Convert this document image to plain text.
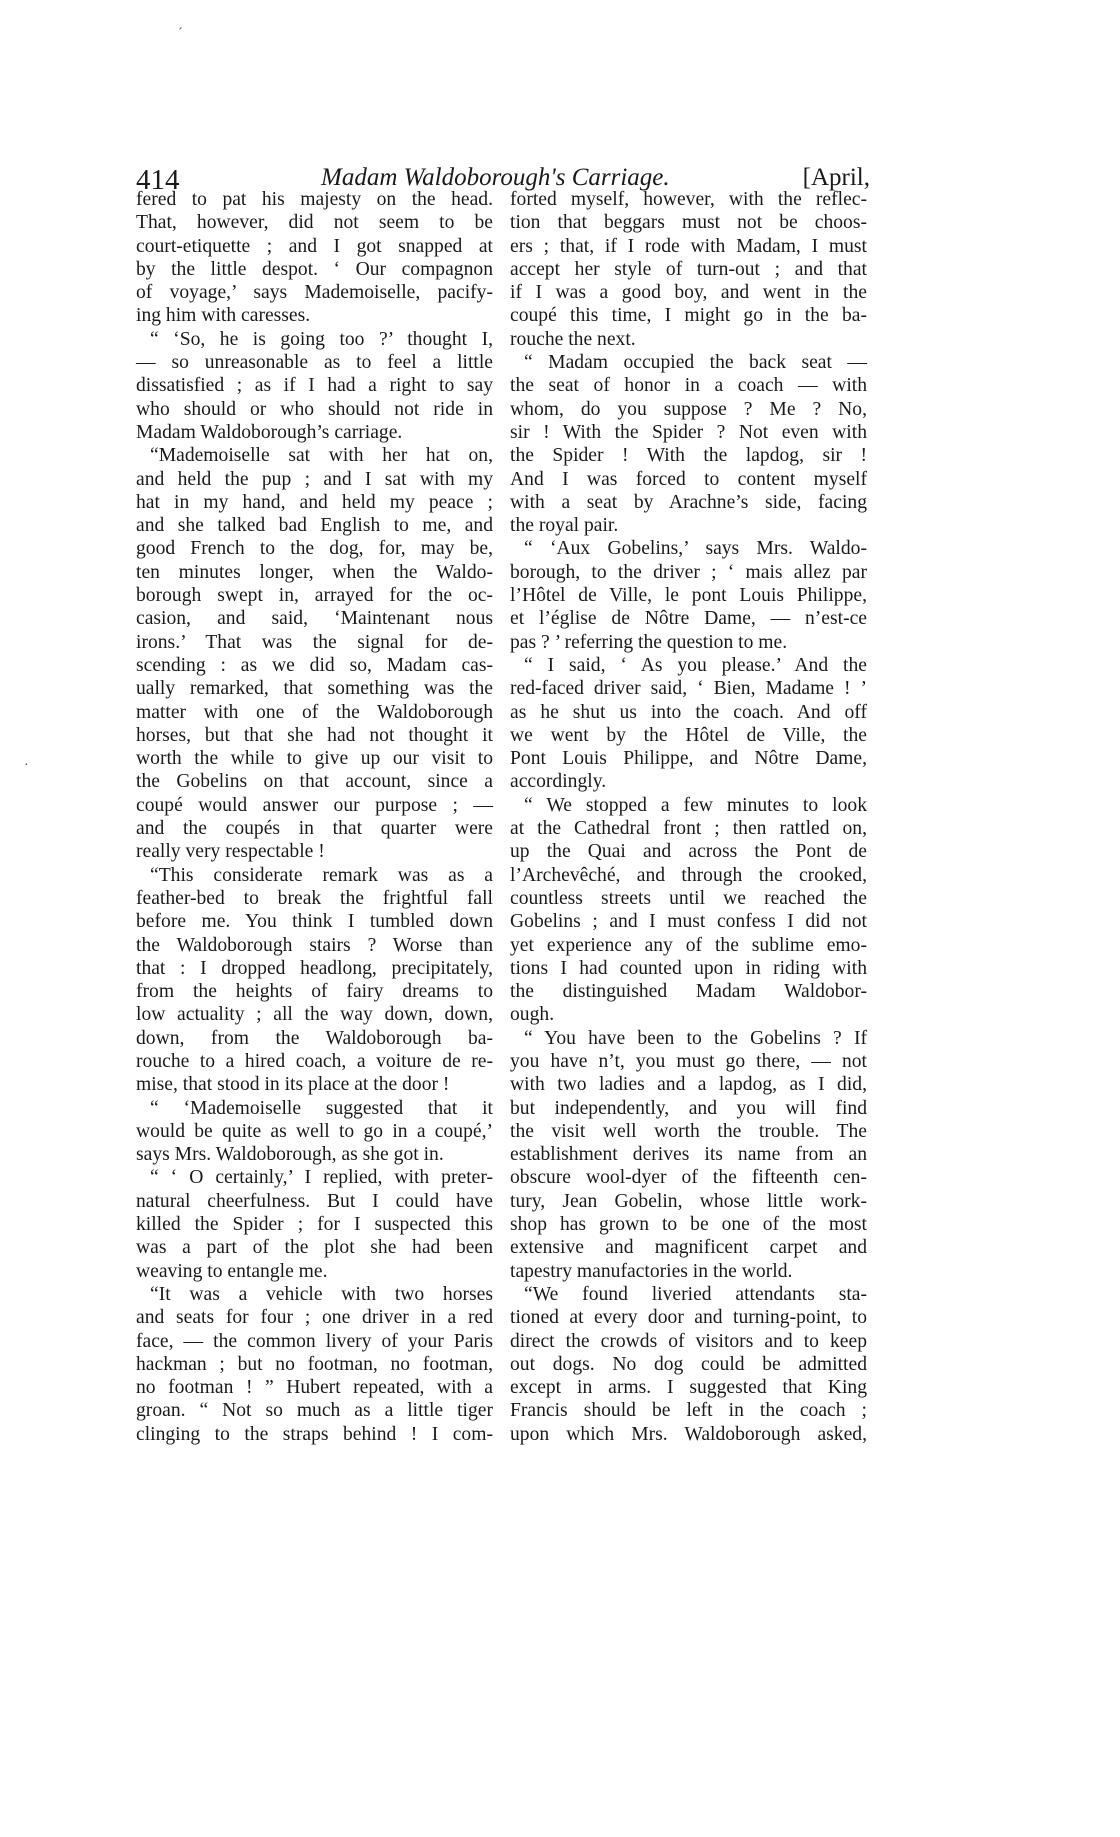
ˊ
·
414	Madam Waldoborough's Carriage.	[April,
fered to pat his majesty on the head.
That, however, did not seem to be
court-etiquette ; and I got snapped at
by the little despot. ‘ Our compagnon
of voyage,’ says Mademoiselle, pacify-
ing him with caresses.
“ ‘So, he is going too ?’ thought I,
— so unreasonable as to feel a little
dissatisfied ; as if I had a right to say
who should or who should not ride in
Madam Waldoborough’s carriage.
“Mademoiselle sat with her hat on,
and held the pup ; and I sat with my
hat in my hand, and held my peace ;
and she talked bad English to me, and
good French to the dog, for, may be,
ten minutes longer, when the Waldo-
borough swept in, arrayed for the oc-
casion, and said, ‘Maintenant nous
irons.’ That was the signal for de-
scending : as we did so, Madam cas-
ually remarked, that something was the
matter with one of the Waldoborough
horses, but that she had not thought it
worth the while to give up our visit to
the Gobelins on that account, since a
coupé would answer our purpose ; —
and the coupés in that quarter were
really very respectable !
“This considerate remark was as a
feather-bed to break the frightful fall
before me. You think I tumbled down
the Waldoborough stairs ? Worse than
that : I dropped headlong, precipitately,
from the heights of fairy dreams to
low actuality ; all the way down, down,
down, from the Waldoborough ba-
rouche to a hired coach, a voiture de re-
mise, that stood in its place at the door !
“ ‘Mademoiselle suggested that it
would be quite as well to go in a coupé,’
says Mrs. Waldoborough, as she got in.
“ ‘ O certainly,’ I replied, with preter-
natural cheerfulness. But I could have
killed the Spider ; for I suspected this
was a part of the plot she had been
weaving to entangle me.
“It was a vehicle with two horses
and seats for four ; one driver in a red
face, — the common livery of your Paris
hackman ; but no footman, no footman,
no footman ! ” Hubert repeated, with a
groan. “ Not so much as a little tiger
clinging to the straps behind ! I com-
forted myself, however, with the reflec-
tion that beggars must not be choos-
ers ; that, if I rode with Madam, I must
accept her style of turn-out ; and that
if I was a good boy, and went in the
coupé this time, I might go in the ba-
rouche the next.
“ Madam occupied the back seat —
the seat of honor in a coach — with
whom, do you suppose ? Me ? No,
sir ! With the Spider ? Not even with
the Spider ! With the lapdog, sir !
And I was forced to content myself
with a seat by Arachne’s side, facing
the royal pair.
“ ‘Aux Gobelins,’ says Mrs. Waldo-
borough, to the driver ; ‘ mais allez par
l’Hôtel de Ville, le pont Louis Philippe,
et l’église de Nôtre Dame, — n’est-ce
pas ? ’ referring the question to me.
“ I said, ‘ As you please.’ And the
red-faced driver said, ‘ Bien, Madame ! ’
as he shut us into the coach. And off
we went by the Hôtel de Ville, the
Pont Louis Philippe, and Nôtre Dame,
accordingly.
“ We stopped a few minutes to look
at the Cathedral front ; then rattled on,
up the Quai and across the Pont de
l’Archevêché, and through the crooked,
countless streets until we reached the
Gobelins ; and I must confess I did not
yet experience any of the sublime emo-
tions I had counted upon in riding with
the distinguished Madam Waldobor-
ough.
“ You have been to the Gobelins ? If
you have n’t, you must go there, — not
with two ladies and a lapdog, as I did,
but independently, and you will find
the visit well worth the trouble. The
establishment derives its name from an
obscure wool-dyer of the fifteenth cen-
tury, Jean Gobelin, whose little work-
shop has grown to be one of the most
extensive and magnificent carpet and
tapestry manufactories in the world.
“We found liveried attendants sta-
tioned at every door and turning-point, to
direct the crowds of visitors and to keep
out dogs. No dog could be admitted
except in arms. I suggested that King
Francis should be left in the coach ;
upon which Mrs. Waldoborough asked,
